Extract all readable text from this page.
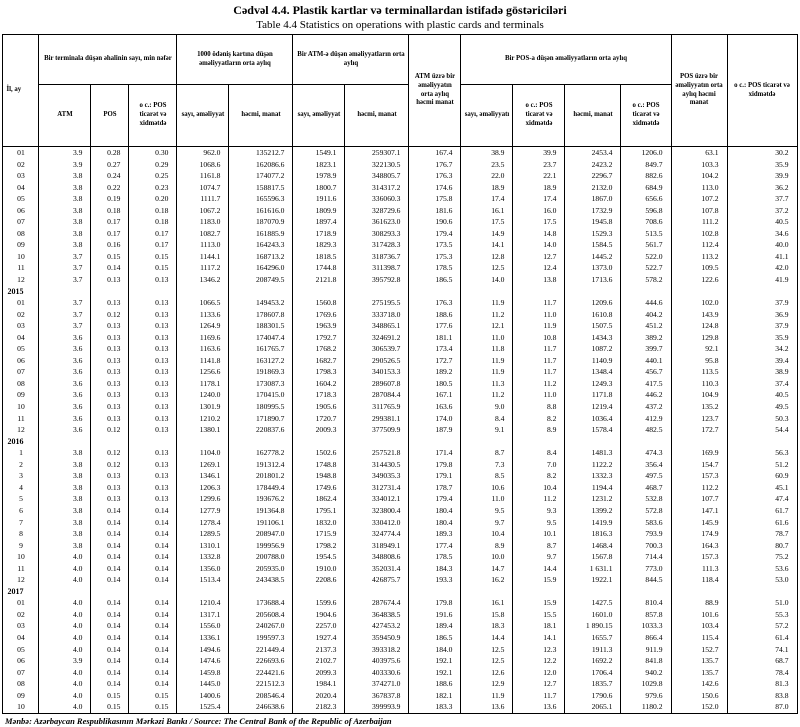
Cədvəl 4.4. Plastik kartlar və terminallardan istifadə göstəriciləri
Table 4.4 Statistics on operations with plastic cards and terminals
İl, ay	Bir terminala düşən əhalinin sayı, min nəfər			1000 ödəniş kartına düşən əməliyyatların orta aylıq		Bir ATM-ə düşən əməliyyatların orta aylıq		ATM üzrə bir əməliyyatın orta aylıq həcmi manat	Bir POS-a düşən əməliyyatların orta aylıq				POS üzrə bir əməliyyatın orta aylıq həcmi manat	o c.: POS ticarət və xidmətdə
	ATM	POS	o c.: POS ticarət və xidmətdə	sayı, əməliyyat	həcmi, manat	sayı, əməliyyat	həcmi, manat		sayı, əməliyyatı	o c.: POS ticarət və xidmətdə	həcmi, manat	o c.: POS ticarət və xidmətdə		
01	3.9	0.28	0.30	962.0	135212.7	1549.1	259307.1	167.4	38.9	39.9	2453.4	1206.0	63.1	30.2
02	3.9	0.27	0.29	1068.6	162086.6	1823.1	322130.5	176.7	23.5	23.7	2423.2	849.7	103.3	35.9
03	3.8	0.24	0.25	1161.8	174077.2	1978.9	348805.7	176.3	22.0	22.1	2296.7	882.6	104.2	39.9
04	3.8	0.22	0.23	1074.7	158817.5	1800.7	314317.2	174.6	18.9	18.9	2132.0	684.9	113.0	36.2
05	3.8	0.19	0.20	1111.7	165596.3	1911.6	336060.3	175.8	17.4	17.4	1867.0	656.6	107.2	37.7
06	3.8	0.18	0.18	1067.2	161616.0	1809.9	328729.6	181.6	16.1	16.0	1732.9	596.8	107.8	37.2
07	3.8	0.17	0.18	1183.0	187070.9	1897.4	361623.0	190.6	17.5	17.5	1945.8	708.6	111.2	40.5
08	3.8	0.17	0.17	1082.7	161885.9	1718.9	308293.3	179.4	14.9	14.8	1529.3	513.5	102.8	34.6
09	3.8	0.16	0.17	1113.0	164243.3	1829.3	317428.3	173.5	14.1	14.0	1584.5	561.7	112.4	40.0
10	3.7	0.15	0.15	1144.1	168713.2	1818.5	318736.7	175.3	12.8	12.7	1445.2	522.0	113.2	41.1
11	3.7	0.14	0.15	1117.2	164296.0	1744.8	311398.7	178.5	12.5	12.4	1373.0	522.7	109.5	42.0
12	3.7	0.13	0.13	1346.2	208749.5	2121.8	395792.8	186.5	14.0	13.8	1713.6	578.2	122.6	41.9
2015														
01	3.7	0.13	0.13	1066.5	149453.2	1560.8	275195.5	176.3	11.9	11.7	1209.6	444.6	102.0	37.9
02	3.7	0.12	0.13	1133.6	178607.8	1769.6	333718.0	188.6	11.2	11.0	1610.8	404.2	143.9	36.9
03	3.7	0.13	0.13	1264.9	188301.5	1963.9	348865.1	177.6	12.1	11.9	1507.5	451.2	124.8	37.9
04	3.6	0.13	0.13	1169.6	174047.4	1792.7	324691.2	181.1	11.0	10.8	1434.3	389.2	129.8	35.9
05	3.6	0.13	0.13	1163.6	161765.7	1768.2	306539.7	173.4	11.8	11.7	1087.2	399.7	92.1	34.2
06	3.6	0.13	0.13	1141.8	163127.2	1682.7	290526.5	172.7	11.9	11.7	1140.9	440.1	95.8	39.4
07	3.6	0.13	0.13	1256.6	191869.3	1798.3	340153.3	189.2	11.9	11.7	1348.4	456.7	113.5	38.9
08	3.6	0.13	0.13	1178.1	173087.3	1604.2	289607.8	180.5	11.3	11.2	1249.3	417.5	110.3	37.4
09	3.6	0.13	0.13	1240.0	170415.0	1718.3	287084.4	167.1	11.2	11.0	1171.8	446.2	104.9	40.5
10	3.6	0.13	0.13	1301.9	180995.5	1905.6	311765.9	163.6	9.0	8.8	1219.4	437.2	135.2	49.5
11	3.6	0.13	0.13	1210.2	171890.7	1720.7	299381.1	174.0	8.4	8.2	1036.4	412.9	123.7	50.3
12	3.6	0.12	0.13	1380.1	220837.6	2009.3	377509.9	187.9	9.1	8.9	1578.4	482.5	172.7	54.4
2016														
1	3.8	0.12	0.13	1104.0	162778.2	1502.6	257521.8	171.4	8.7	8.4	1481.3	474.3	169.9	56.3
2	3.8	0.12	0.13	1269.1	191312.4	1748.8	314430.5	179.8	7.3	7.0	1122.2	356.4	154.7	51.2
3	3.8	0.13	0.13	1346.1	201801.2	1948.8	349035.3	179.1	8.5	8.2	1332.3	497.5	157.3	60.9
4	3.8	0.13	0.13	1206.3	178449.4	1749.6	312731.4	178.7	10.6	10.4	1194.4	468.7	112.2	45.1
5	3.8	0.13	0.13	1299.6	193676.2	1862.4	334012.1	179.4	11.0	11.2	1231.2	532.8	107.7	47.4
6	3.8	0.14	0.14	1277.9	191364.8	1795.1	323800.4	180.4	9.5	9.3	1399.2	572.8	147.1	61.7
7	3.8	0.14	0.14	1278.4	191106.1	1832.0	330412.0	180.4	9.7	9.5	1419.9	583.6	145.9	61.6
8	3.8	0.14	0.14	1289.5	208947.0	1715.9	324774.4	189.3	10.4	10.1	1816.3	793.9	174.9	78.7
9	3.8	0.14	0.14	1310.1	199956.9	1798.2	318949.1	177.4	8.9	8.7	1468.4	700.3	164.3	80.7
10	4.0	0.14	0.14	1332.8	200788.0	1954.5	348808.6	178.5	10.0	9.7	1567.8	714.4	157.3	75.2
11	4.0	0.14	0.14	1356.0	205935.0	1910.0	352031.4	184.3	14.7	14.4	1 631.1	773.0	111.3	53.6
12	4.0	0.14	0.14	1513.4	243438.5	2208.6	426875.7	193.3	16.2	15.9	1922.1	844.5	118.4	53.0
2017														
01	4.0	0.14	0.14	1210.4	173688.4	1599.6	287674.4	179.8	16.1	15.9	1427.5	810.4	88.9	51.0
02	4.0	0.14	0.14	1317.1	205608.4	1904.6	364838.5	191.6	15.8	15.5	1601.0	857.8	101.6	55.3
03	4.0	0.14	0.14	1556.0	240267.0	2257.0	427453.2	189.4	18.3	18.1	1 890.15	1033.3	103.4	57.2
04	4.0	0.14	0.14	1336.1	199597.3	1927.4	359450.9	186.5	14.4	14.1	1655.7	866.4	115.4	61.4
05	4.0	0.14	0.14	1494.6	221449.4	2137.3	393318.2	184.0	12.5	12.3	1911.3	911.9	152.7	74.1
06	3.9	0.14	0.14	1474.6	226693.6	2102.7	403975.6	192.1	12.5	12.2	1692.2	841.8	135.7	68.7
07	4.0	0.14	0.14	1459.8	224421.6	2099.3	403330.6	192.1	12.6	12.0	1706.4	940.2	135.7	78.4
08	4.0	0.14	0.14	1445.0	221512.3	1984.1	374271.0	188.6	12.9	12.7	1835.7	1029.8	142.6	81.3
09	4.0	0.15	0.15	1400.6	208546.4	2020.4	367837.8	182.1	11.9	11.7	1790.6	979.6	150.6	83.8
10	4.0	0.15	0.15	1525.4	246638.6	2182.3	399993.9	183.3	13.6	13.6	2065.1	1180.2	152.0	87.0
Mənbə: Azərbaycan Respublikasının Mərkəzi Bankı / Source: The Central Bank of the Republic of Azerbaijan
